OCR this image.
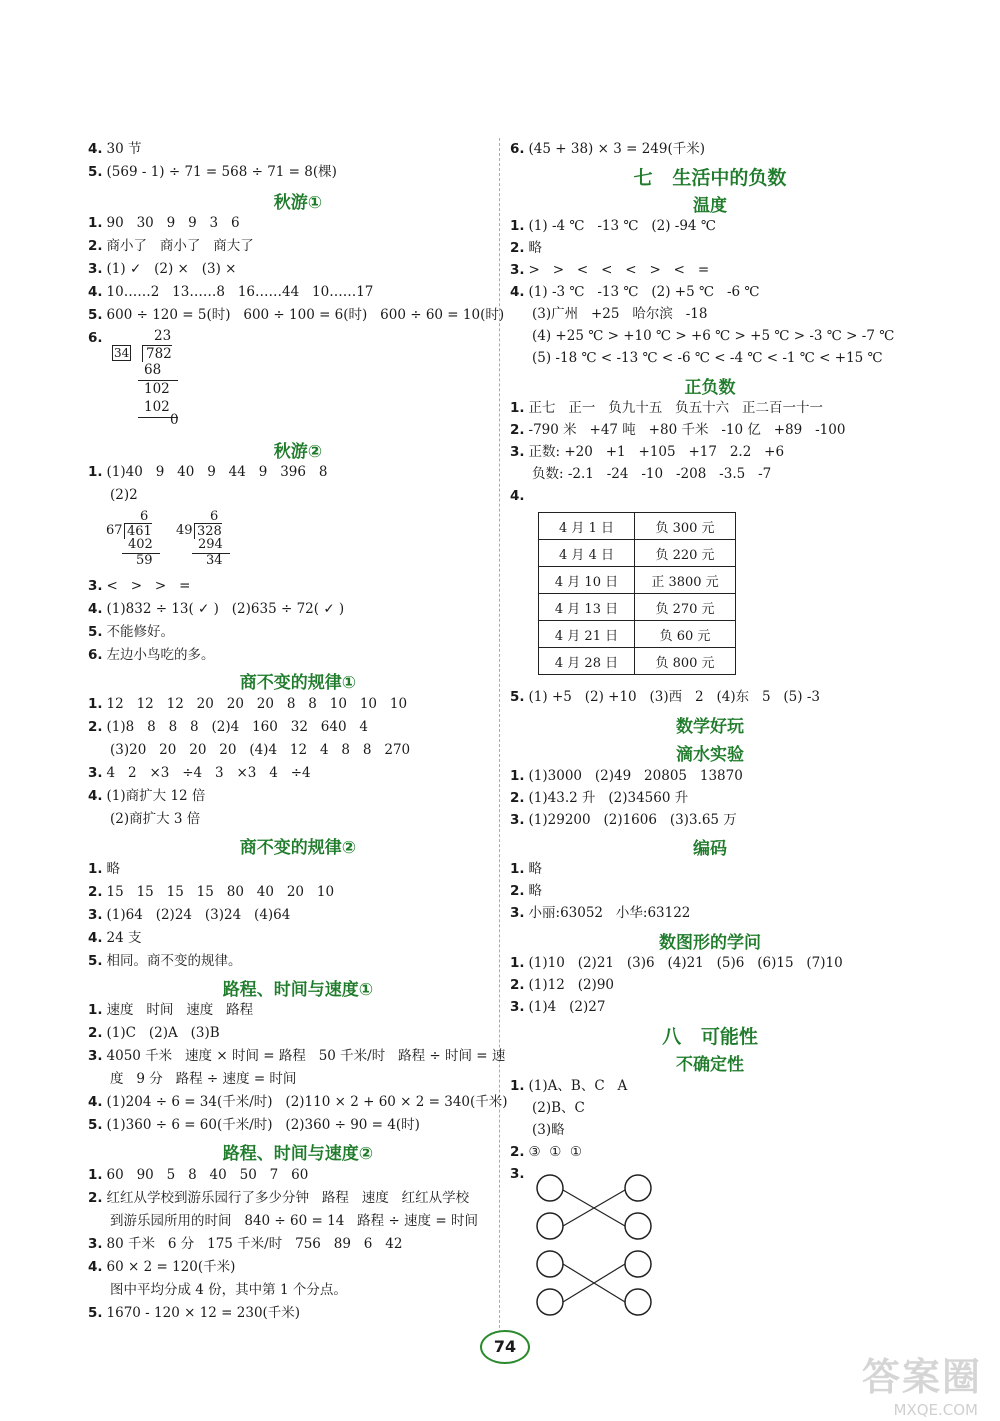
4. 30 节
5. (569 - 1) ÷ 71 = 568 ÷ 71 = 8(棵)
秋游①
1. 90   30   9   9   3   6
2. 商小了   商小了   商大了
3. (1) ✓   (2) ×   (3) ×
4. 10……2   13……8   16……44   10……17
5. 600 ÷ 120 = 5(时)   600 ÷ 100 = 6(时)   600 ÷ 60 = 10(时)
6.
秋游②
1. (1)40   9   40   9   44   9   396   8
(2)2
3. <   >   >   =
4. (1)832 ÷ 13( ✓ )   (2)635 ÷ 72( ✓ )
5. 不能修好。
6. 左边小鸟吃的多。
商不变的规律①
1. 12   12   12   20   20   20   8   8   10   10   10
2. (1)8   8   8   8   (2)4   160   32   640   4
(3)20   20   20   20   (4)4   12   4   8   8   270
3. 4   2   ×3   ÷4   3   ×3   4   ÷4
4. (1)商扩大 12 倍
(2)商扩大 3 倍
商不变的规律②
1. 略
2. 15   15   15   15   80   40   20   10
3. (1)64   (2)24   (3)24   (4)64
4. 24 支
5. 相同。商不变的规律。
路程、时间与速度①
1. 速度   时间   速度   路程
2. (1)C   (2)A   (3)B
3. 4050 千米   速度 × 时间 = 路程   50 千米/时   路程 ÷ 时间 = 速
度   9 分   路程 ÷ 速度 = 时间
4. (1)204 ÷ 6 = 34(千米/时)   (2)110 × 2 + 60 × 2 = 340(千米)
5. (1)360 ÷ 6 = 60(千米/时)   (2)360 ÷ 90 = 4(时)
路程、时间与速度②
1. 60   90   5   8   40   50   7   60
2. 红红从学校到游乐园行了多少分钟   路程   速度   红红从学校
到游乐园所用的时间   840 ÷ 60 = 14   路程 ÷ 速度 = 时间
3. 80 千米   6 分   175 千米/时   756   89   6   42
4. 60 × 2 = 120(千米)
图中平均分成 4 份，其中第 1 个分点。
5. 1670 - 120 × 12 = 230(千米)
6. (45 + 38) × 3 = 249(千米)
七   生活中的负数
温度
1. (1) -4 ℃   -13 ℃   (2) -94 ℃
2. 略
3. >   >   <   <   <   >   <   =
4. (1) -3 ℃   -13 ℃   (2) +5 ℃   -6 ℃
(3)广州   +25   哈尔滨   -18
(4) +25 ℃ > +10 ℃ > +6 ℃ > +5 ℃ > -3 ℃ > -7 ℃
(5) -18 ℃ < -13 ℃ < -6 ℃ < -4 ℃ < -1 ℃ < +15 ℃
正负数
1. 正七   正一   负九十五   负五十六   正二百一十一
2. -790 米   +47 吨   +80 千米   -10 亿   +89   -100
3. 正数: +20   +1   +105   +17   2.2   +6
负数: -2.1   -24   -10   -208   -3.5   -7
4.
5. (1) +5   (2) +10   (3)西   2   (4)东   5   (5) -3
数学好玩
滴水实验
1. (1)3000   (2)49   20805   13870
2. (1)43.2 升   (2)34560 升
3. (1)29200   (2)1606   (3)3.65 万
编码
1. 略
2. 略
3. 小丽:63052   小华:63122
数图形的学问
1. (1)10   (2)21   (3)6   (4)21   (5)6   (6)15   (7)10
2. (1)12   (2)90
3. (1)4   (2)27
八   可能性
不确定性
1. (1)A、B、C   A
(2)B、C
(3)略
2. ③  ①  ①
3.
23
34 782
68
102
102
0
6
67 461
402
59
6
49 328
294
34
4 月 1 日	负 300 元
4 月 4 日	负 220 元
4 月 10 日	正 3800 元
4 月 13 日	负 270 元
4 月 21 日	负 60 元
4 月 28 日	负 800 元
74
答案圈
MXQE.COM
